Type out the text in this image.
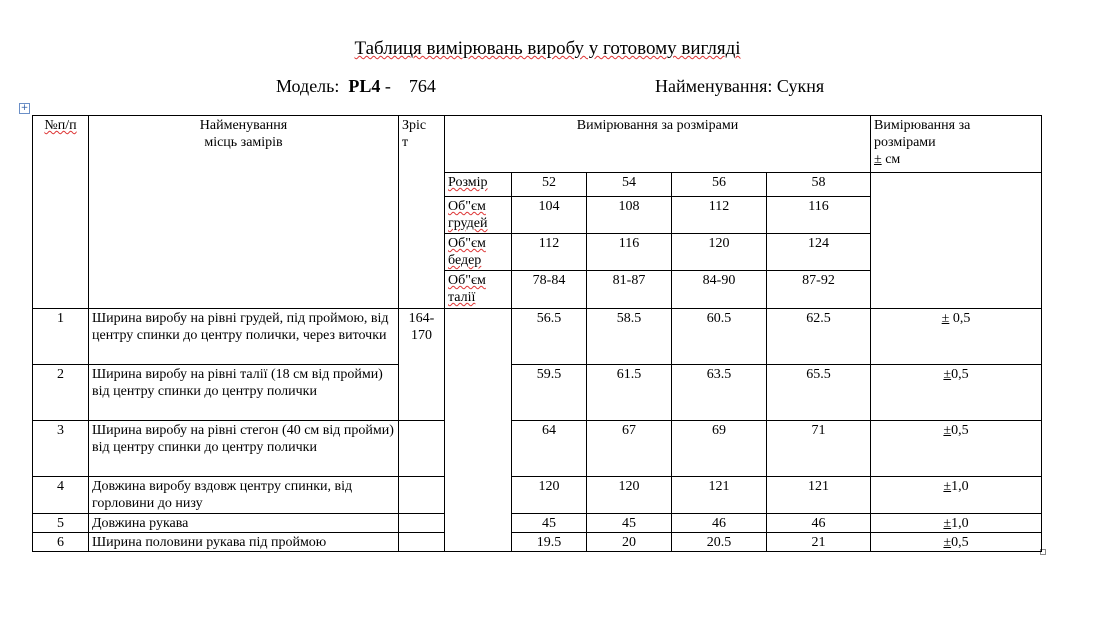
Таблиця вимірювань виробу у готовому вигляді
Модель: PL4 - 764	Найменування: Сукня
+
№п/п	Найменування
місць замірів	Зріст	Вимірювання за розмірами					Вимірювання за
розмірами
± см
			Розмір	52	54	56	58	
			Об"єм грудей	104	108	112	116	
			Об"єм бедер	112	116	120	124	
			Об"єм талії	78-84	81-87	84-90	87-92	
1	Ширина виробу на рівні грудей, під проймою, від центру спинки до центру полички, через виточки	164-170		56.5	58.5	60.5	62.5	± 0,5
2	Ширина виробу на рівні талії (18 см від пройми) від центру спинки до центру полички			59.5	61.5	63.5	65.5	±0,5
3	Ширина виробу на рівні стегон (40 см від пройми) від центру спинки до центру полички			64	67	69	71	±0,5
4	Довжина виробу вздовж центру спинки, від горловини до низу			120	120	121	121	±1,0
5	Довжина рукава			45	45	46	46	±1,0
6	Ширина половини рукава під проймою			19.5	20	20.5	21	±0,5
